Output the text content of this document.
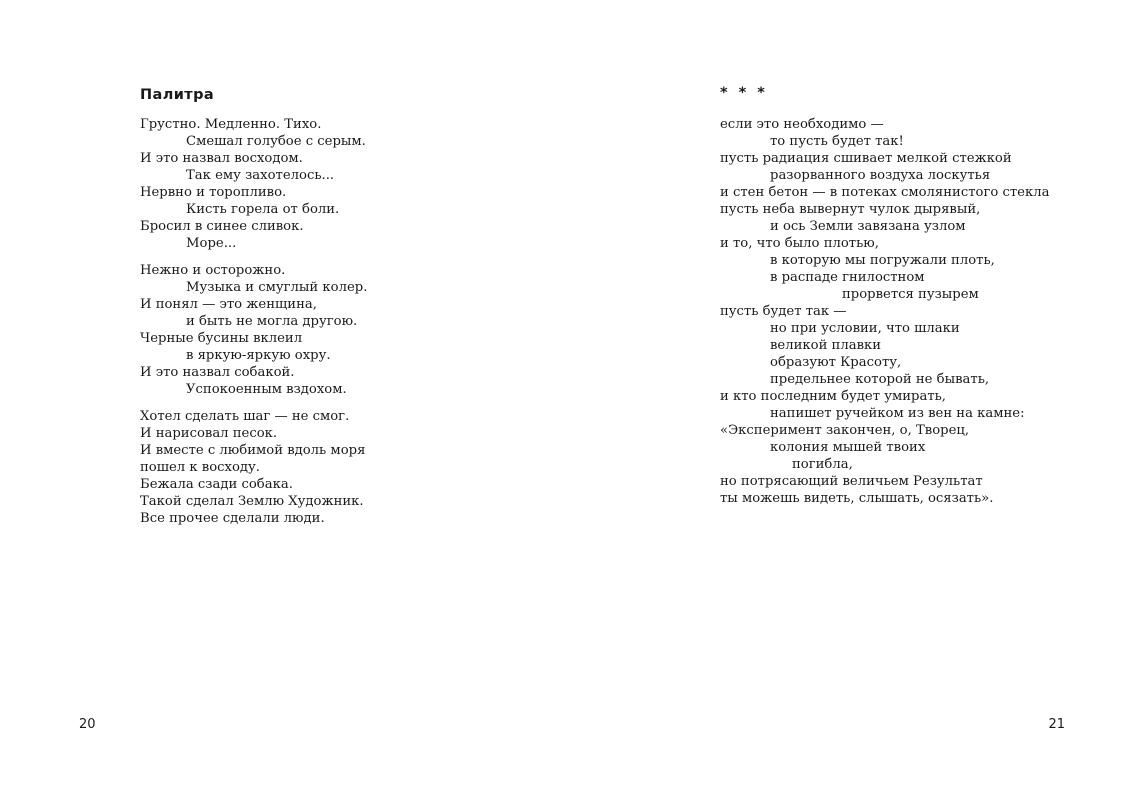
Палитра
Грустно. Медленно. Тихо.
Смешал голубое с серым.
И это назвал восходом.
Так ему захотелось...
Нервно и торопливо.
Кисть горела от боли.
Бросил в синее сливок.
Море...
Нежно и осторожно.
Музыка и смуглый колер.
И понял — это женщина,
и быть не могла другою.
Черные бусины вклеил
в яркую-яркую охру.
И это назвал собакой.
Успокоенным вздохом.
Хотел сделать шаг — не смог.
И нарисовал песок.
И вместе с любимой вдоль моря
пошел к восходу.
Бежала сзади собака.
Такой сделал Землю Художник.
Все прочее сделали люди.
20
* * *
если это необходимо —
то пусть будет так!
пусть радиация сшивает мелкой стежкой
разорванного воздуха лоскутья
и стен бетон — в потеках смолянистого стекла
пусть неба вывернут чулок дырявый,
и ось Земли завязана узлом
и то, что было плотью,
в которую мы погружали плоть,
в распаде гнилостном
прорвется пузырем
пусть будет так —
но при условии, что шлаки
великой плавки
образуют Красоту,
предельнее которой не бывать,
и кто последним будет умирать,
напишет ручейком из вен на камне:
«Эксперимент закончен, о, Творец,
колония мышей твоих
погибла,
но потрясающий величьем Результат
ты можешь видеть, слышать, осязать».
21
